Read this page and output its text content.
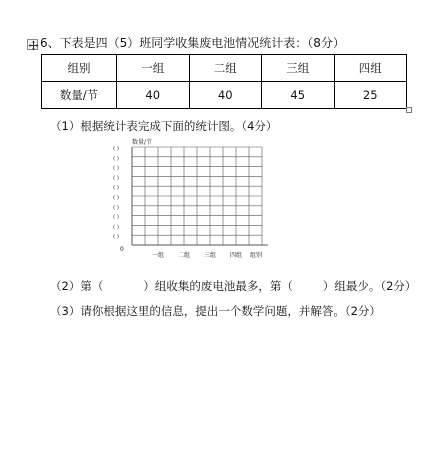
6、下表是四（5）班同学收集废电池情况统计表：（8分）
组别	一组	二组	三组	四组
数量/节	40	40	45	25
（1）根据统计表完成下面的统计图。（4分）
( )
( )
( )
( )
( )
( )
( )
( )
( )
( )
一组 二组 三组 四组
数量/节
组别
0
（2）第（	）组收集的废电池最多，第（	）组最少。（2分）
（3）请你根据这里的信息，提出一个数学问题，并解答。（2分）
